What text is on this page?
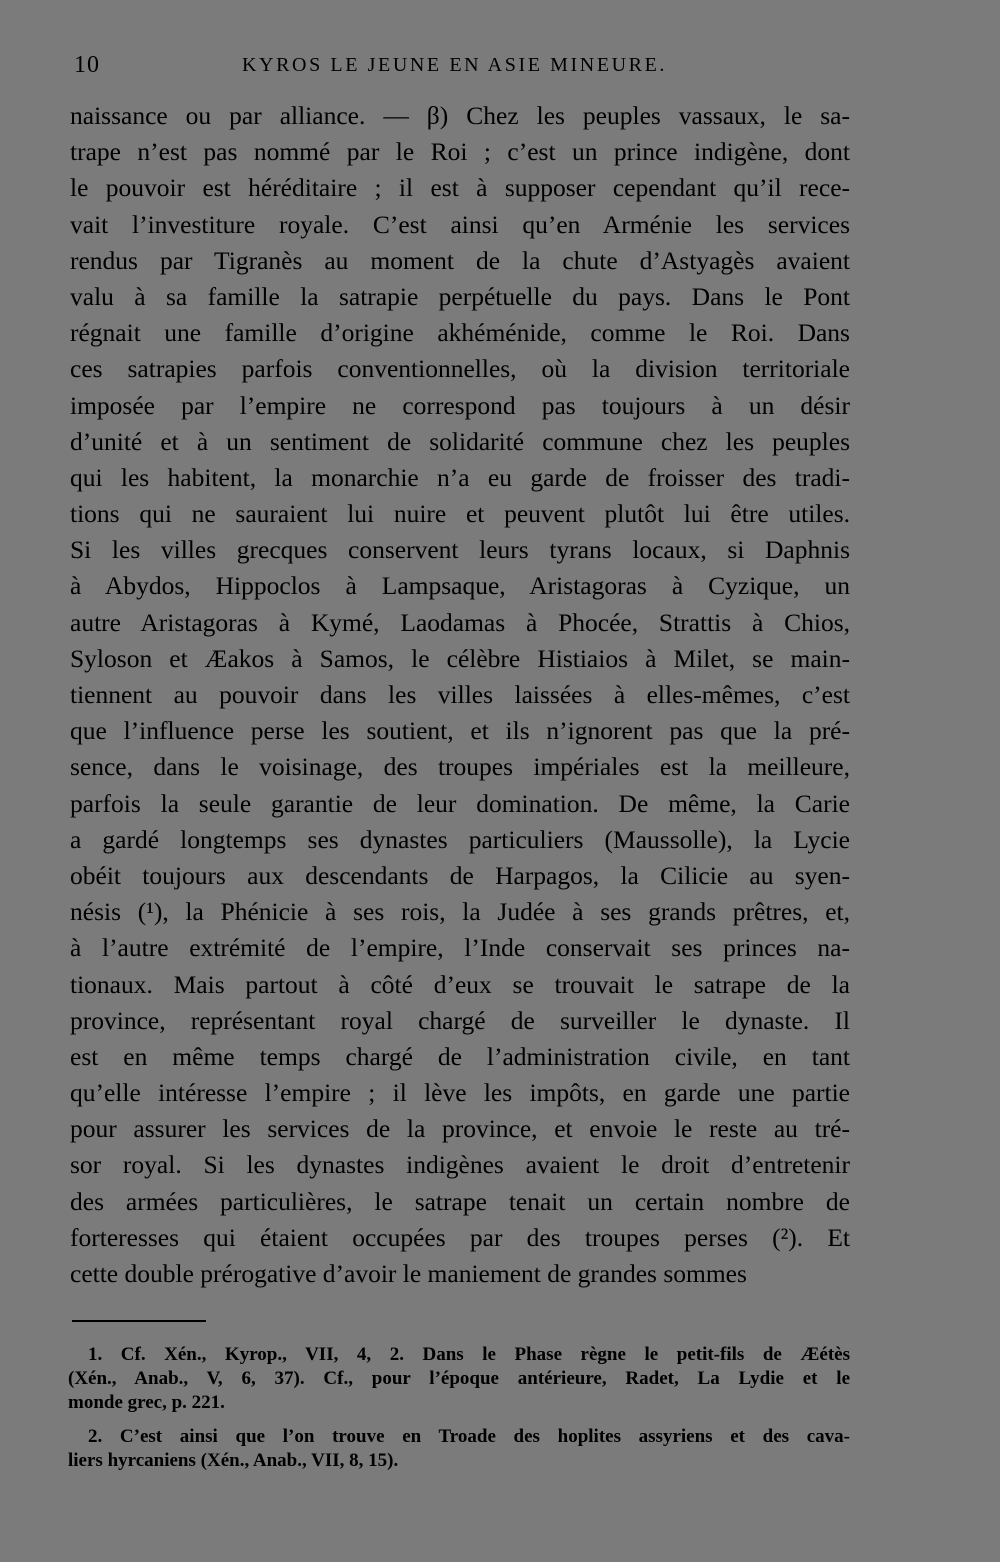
10	KYROS LE JEUNE EN ASIE MINEURE.
naissance ou par alliance. — β) Chez les peuples vassaux, le sa-
trape n’est pas nommé par le Roi ; c’est un prince indigène, dont
le pouvoir est héréditaire ; il est à supposer cependant qu’il rece-
vait l’investiture royale. C’est ainsi qu’en Arménie les services
rendus par Tigranès au moment de la chute d’Astyagès avaient
valu à sa famille la satrapie perpétuelle du pays. Dans le Pont
régnait une famille d’origine akhéménide, comme le Roi. Dans
ces satrapies parfois conventionnelles, où la division territoriale
imposée par l’empire ne correspond pas toujours à un désir
d’unité et à un sentiment de solidarité commune chez les peuples
qui les habitent, la monarchie n’a eu garde de froisser des tradi-
tions qui ne sauraient lui nuire et peuvent plutôt lui être utiles.
Si les villes grecques conservent leurs tyrans locaux, si Daphnis
à Abydos, Hippoclos à Lampsaque, Aristagoras à Cyzique, un
autre Aristagoras à Kymé, Laodamas à Phocée, Strattis à Chios,
Syloson et Æakos à Samos, le célèbre Histiaios à Milet, se main-
tiennent au pouvoir dans les villes laissées à elles-mêmes, c’est
que l’influence perse les soutient, et ils n’ignorent pas que la pré-
sence, dans le voisinage, des troupes impériales est la meilleure,
parfois la seule garantie de leur domination. De même, la Carie
a gardé longtemps ses dynastes particuliers (Maussolle), la Lycie
obéit toujours aux descendants de Harpagos, la Cilicie au syen-
nésis (¹), la Phénicie à ses rois, la Judée à ses grands prêtres, et,
à l’autre extrémité de l’empire, l’Inde conservait ses princes na-
tionaux. Mais partout à côté d’eux se trouvait le satrape de la
province, représentant royal chargé de surveiller le dynaste. Il
est en même temps chargé de l’administration civile, en tant
qu’elle intéresse l’empire ; il lève les impôts, en garde une partie
pour assurer les services de la province, et envoie le reste au tré-
sor royal. Si les dynastes indigènes avaient le droit d’entretenir
des armées particulières, le satrape tenait un certain nombre de
forteresses qui étaient occupées par des troupes perses (²). Et
cette double prérogative d’avoir le maniement de grandes sommes
1. Cf. Xén., Kyrop., VII, 4, 2. Dans le Phase règne le petit-fils de Æétès
(Xén., Anab., V, 6, 37). Cf., pour l’époque antérieure, Radet, La Lydie et le
monde grec, p. 221.
2. C’est ainsi que l’on trouve en Troade des hoplites assyriens et des cava-
liers hyrcaniens (Xén., Anab., VII, 8, 15).
